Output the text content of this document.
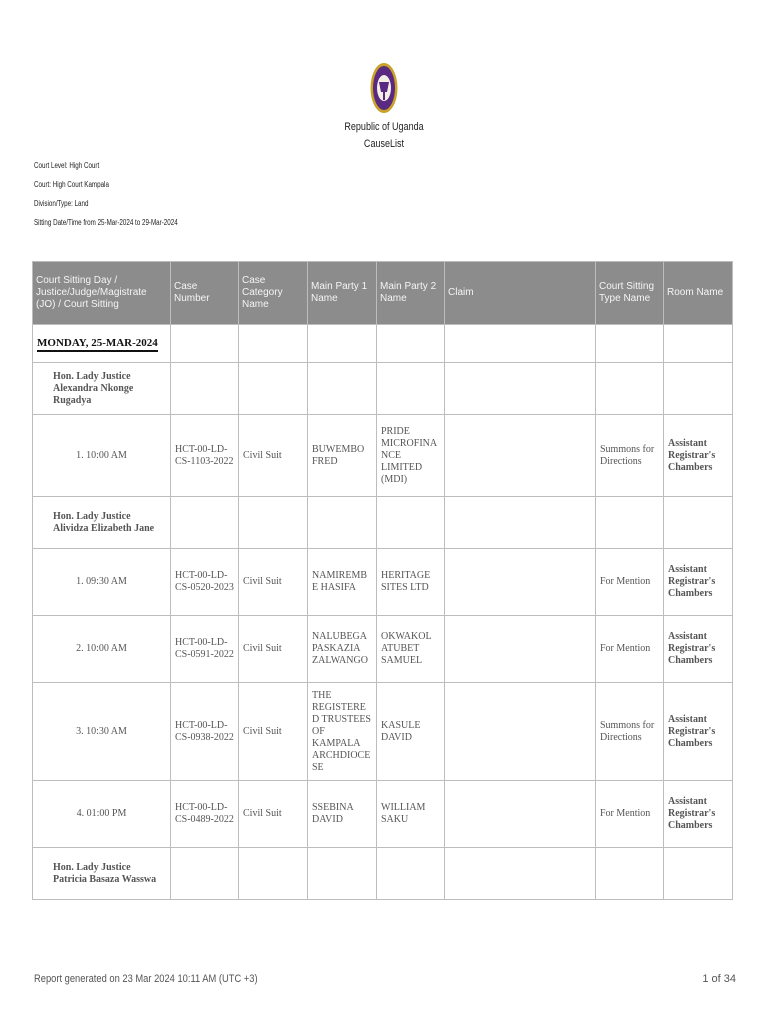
Republic of Uganda
CauseList
Court Level: High Court
Court: High Court Kampala
Division/Type: Land
Sitting Date/Time from 25-Mar-2024 to 29-Mar-2024
Court Sitting Day / Justice/Judge/Magistrate (JO) / Court Sitting	Case Number	Case Category Name	Main Party 1 Name	Main Party 2 Name	Claim	Court Sitting Type Name	Room Name
MONDAY, 25-MAR-2024							
Hon. Lady Justice Alexandra Nkonge Rugadya							
1. 10:00 AM	HCT-00-LD-CS-1103-2022	Civil Suit	BUWEMBO FRED	PRIDE MICROFINANCE LIMITED (MDI)		Summons for Directions	Assistant Registrar's Chambers
Hon. Lady Justice Alividza Elizabeth Jane							
1. 09:30 AM	HCT-00-LD-CS-0520-2023	Civil Suit	NAMIREMBE HASIFA	HERITAGE SITES LTD		For Mention	Assistant Registrar's Chambers
2. 10:00 AM	HCT-00-LD-CS-0591-2022	Civil Suit	NALUBEGA PASKAZIA ZALWANGO	OKWAKOL ATUBET SAMUEL		For Mention	Assistant Registrar's Chambers
3. 10:30 AM	HCT-00-LD-CS-0938-2022	Civil Suit	THE REGISTERED TRUSTEES OF KAMPALA ARCHDIOCESE	KASULE DAVID		Summons for Directions	Assistant Registrar's Chambers
4. 01:00 PM	HCT-00-LD-CS-0489-2022	Civil Suit	SSEBINA DAVID	WILLIAM SAKU		For Mention	Assistant Registrar's Chambers
Hon. Lady Justice Patricia Basaza Wasswa							
Report generated on 23 Mar 2024 10:11 AM (UTC +3)	1 of 34
